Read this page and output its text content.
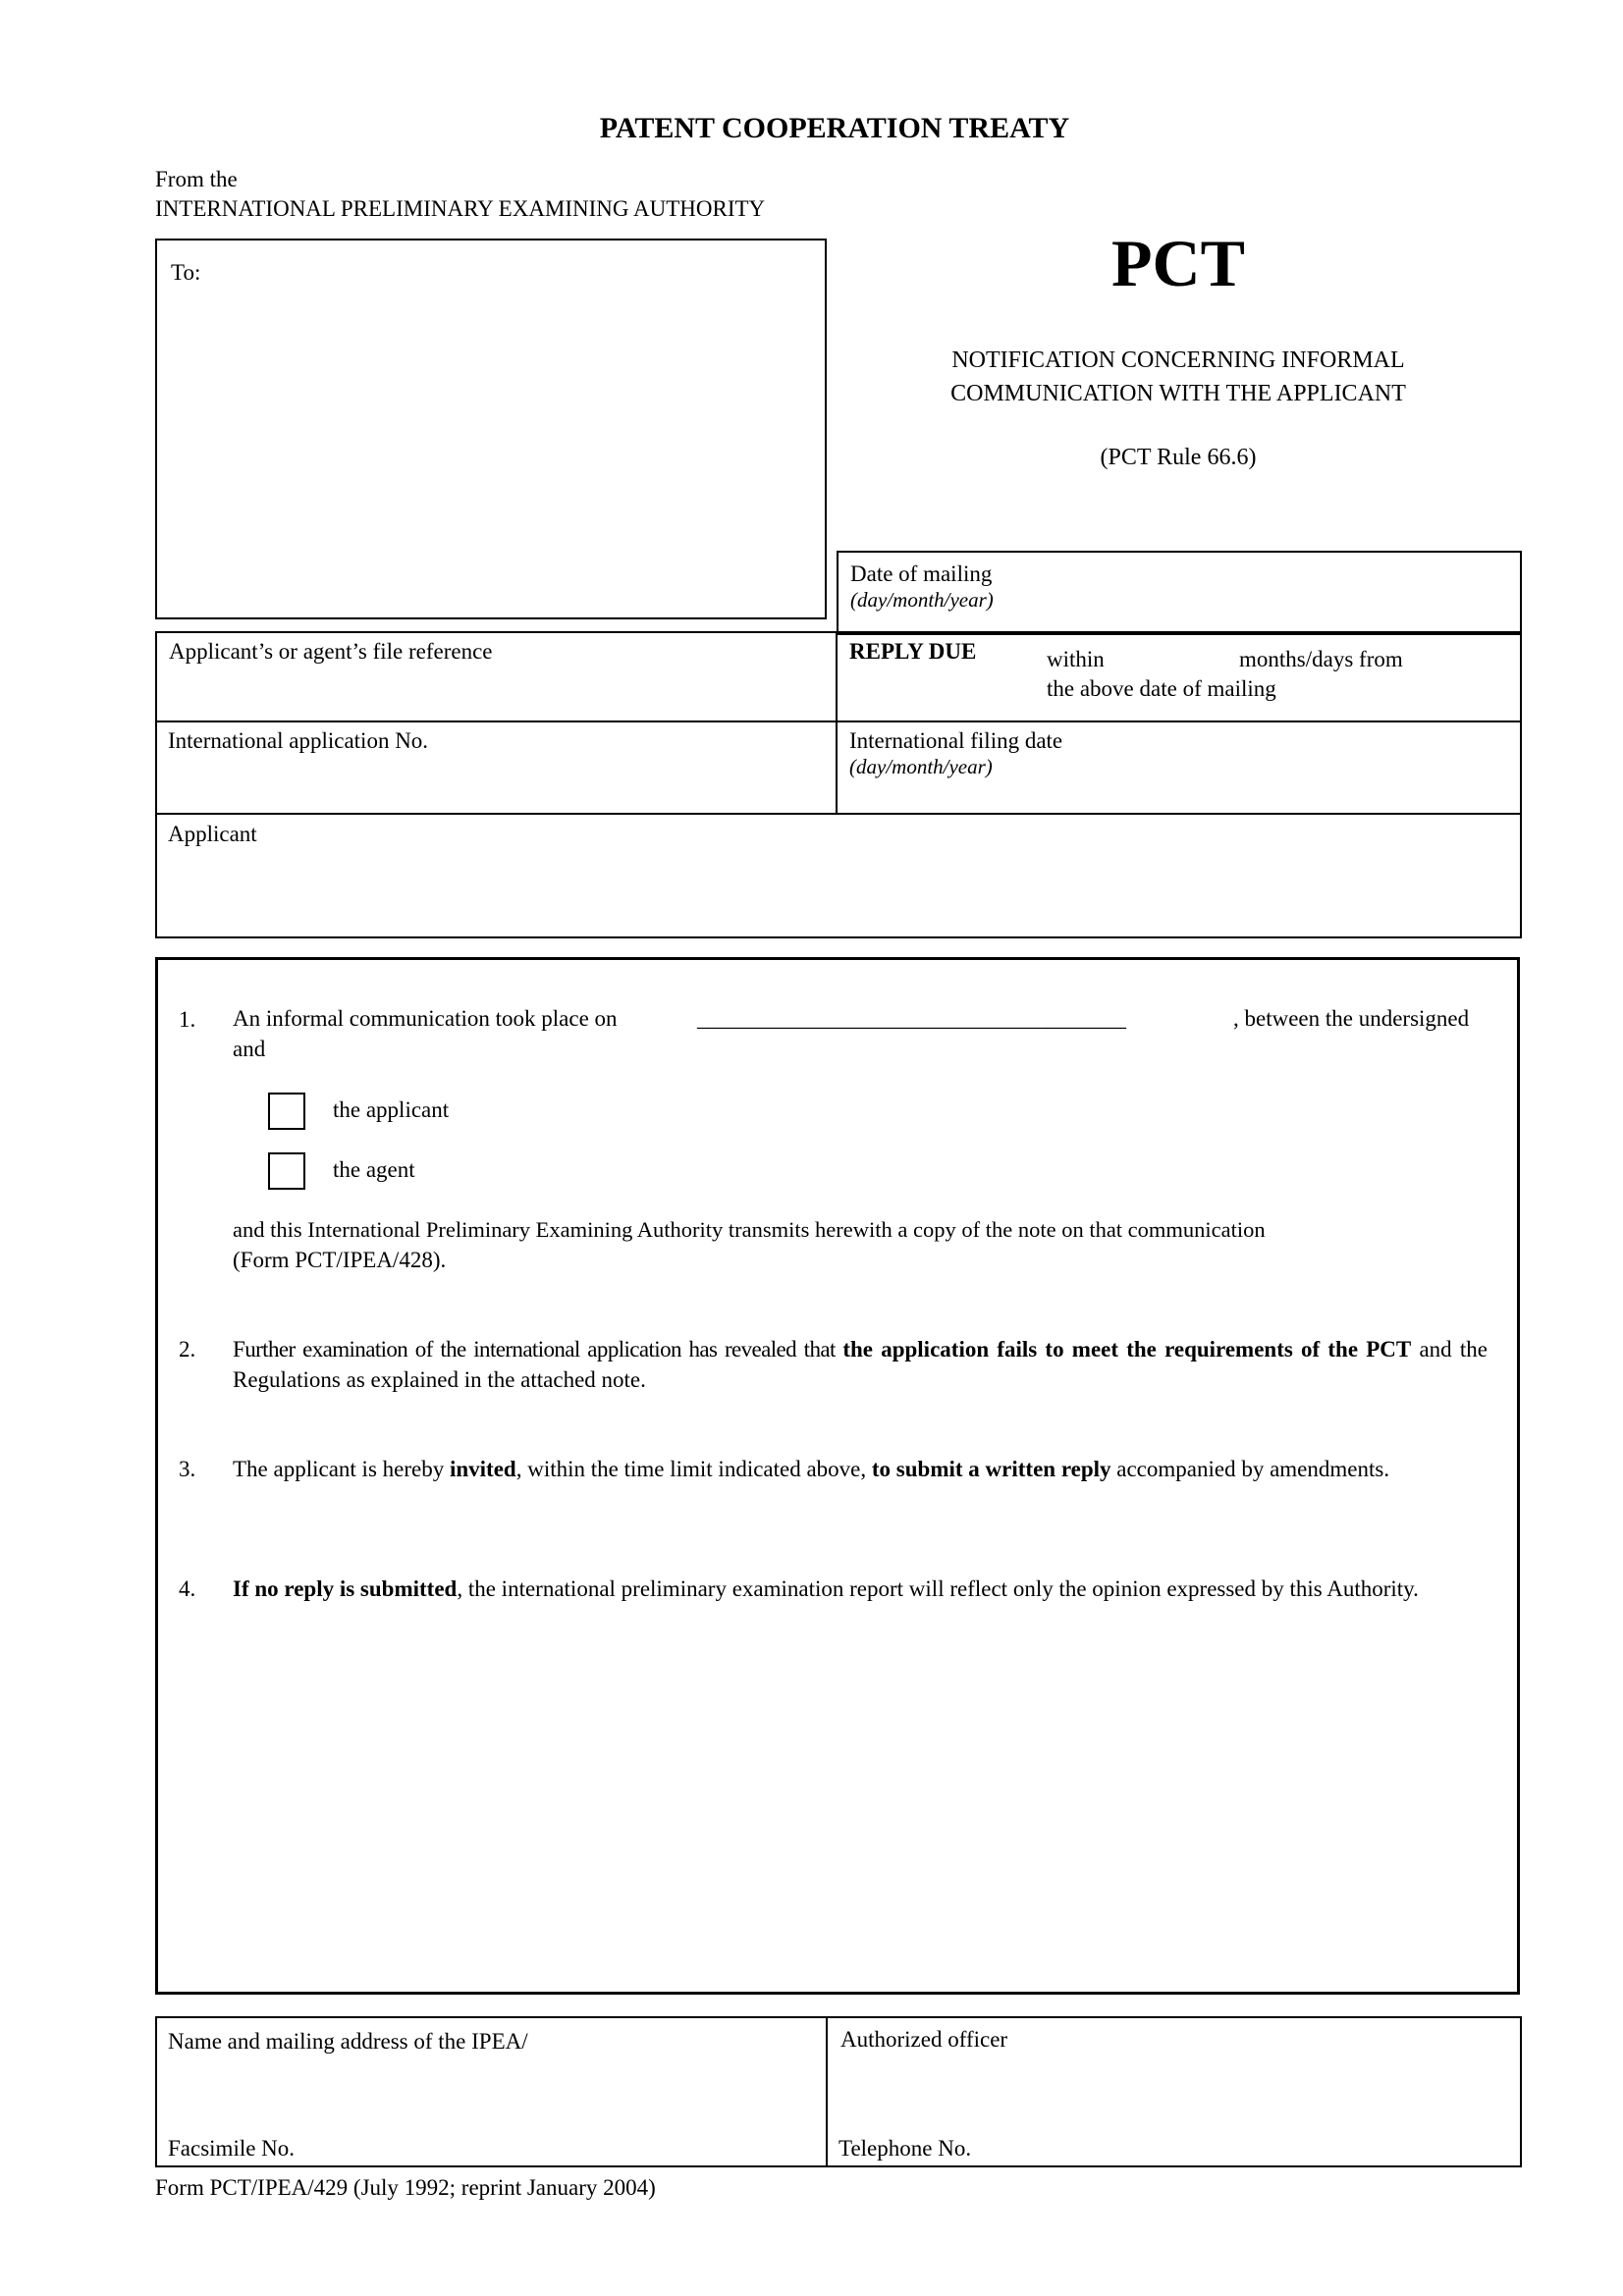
PATENT COOPERATION TREATY
From the
INTERNATIONAL PRELIMINARY EXAMINING AUTHORITY
To:	PCT
NOTIFICATION CONCERNING INFORMAL
COMMUNICATION WITH THE APPLICANT
(PCT Rule 66.6)
Date of mailing
(day/month/year)
Applicant’s or agent’s file reference	REPLY DUE	within	months/days from
the above date of mailing
International application No.	International filing date
(day/month/year)
Applicant
1. An informal communication took place on	______________________________________	, between the undersigned
and
the applicant
the agent
and this International Preliminary Examining Authority transmits herewith a copy of the note on that communication
(Form PCT/IPEA/428).
2. Further examination of the international application has revealed that the application fails to meet the requirements of the PCT and the Regulations as explained in the attached note.
3. The applicant is hereby invited, within the time limit indicated above, to submit a written reply accompanied by amendments.
4. If no reply is submitted, the international preliminary examination report will reflect only the opinion expressed by this Authority.
Name and mailing address of the IPEA/
Facsimile No.
Authorized officer
Telephone No.
Form PCT/IPEA/429 (July 1992; reprint January 2004)
